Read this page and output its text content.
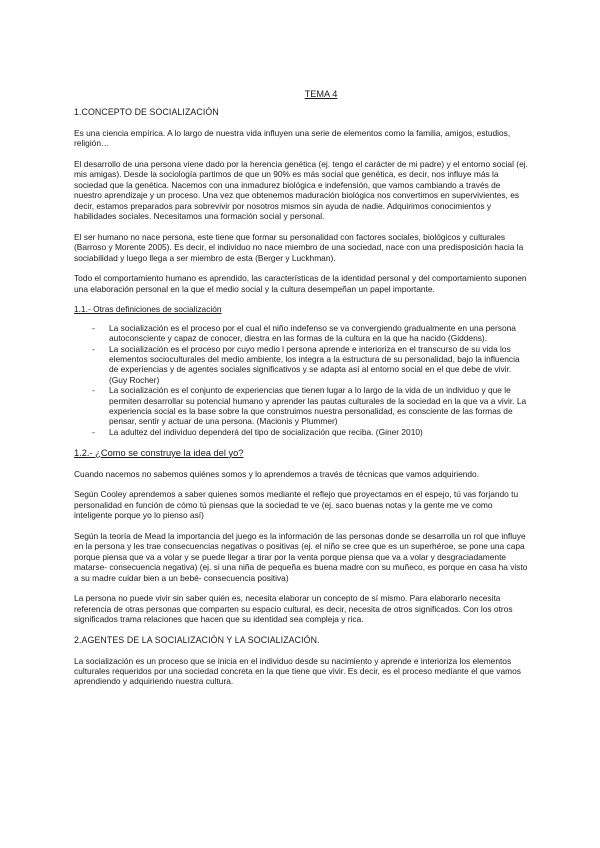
TEMA 4
1.CONCEPTO DE SOCIALIZACIÓN

Es una ciencia empírica. A lo largo de nuestra vida influyen una serie de elementos como la familia, amigos, estudios, religión…

El desarrollo de una persona viene dado por la herencia genética (ej. tengo el carácter de mi padre) y el entorno social (ej. mis amigas). Desde la sociología partimos de que un 90% es más social que genética, es decir, nos influye más la sociedad que la genética. Nacemos con una inmadurez biológica e indefensión, que vamos cambiando a través de nuestro aprendizaje y un proceso. Una vez que obtenemos maduración biológica nos convertimos en supervivientes, es decir, estamos preparados para sobrevivir por nosotros mismos sin ayuda de nadie. Adquirimos conocimientos y habilidades sociales. Necesitamos una formación social y personal.

El ser humano no nace persona, este tiene que formar su personalidad con factores sociales, biológicos y culturales (Barroso y Morente 2005). Es decir, el individuo no nace miembro de una sociedad, nace con una predisposición hacia la sociabilidad y luego llega a ser miembro de esta (Berger y Luckhman).

Todo el comportamiento humano es aprendido, las características de la identidad personal y del comportamiento suponen una elaboración personal en la que el medio social y la cultura desempeñan un papel importante.

1.1.- Otras definiciones de socialización
- La socialización es el proceso por el cual el niño indefenso se va convergiendo gradualmente en una persona autoconsciente y capaz de conocer, diestra en las formas de la cultura en la que ha nacido (Giddens).
- La socialización es el proceso por cuyo medio l persona aprende e interioriza en el transcurso de su vida los elementos socioculturales del medio ambiente, los integra a la estructura de su personalidad, bajo la influencia de experiencias y de agentes sociales significativos y se adapta así al entorno social en el que debe de vivir. (Guy Rocher)
- La socialización es el conjunto de experiencias que tienen lugar a lo largo de la vida de un individuo y que le permiten desarrollar su potencial humano y aprender las pautas culturales de la sociedad en la que va a vivir. La experiencia social es la base sobre la que construimos nuestra personalidad, es consciente de las formas de pensar, sentir y actuar de una persona. (Macionis y Plummer)
- La adultez del individuo dependerá del tipo de socialización que reciba. (Giner 2010)
1.2.- ¿Como se construye la idea del yo?

Cuando nacemos no sabemos quiénes somos y lo aprendemos a través de técnicas que vamos adquiriendo.

Según Cooley aprendemos a saber quienes somos mediante el reflejo que proyectamos en el espejo, tú vas forjando tu personalidad en función de cómo tú piensas que la sociedad te ve (ej. saco buenas notas y la gente me ve como inteligente porque yo lo pienso así)

Según la teoría de Mead la importancia del juego es la información de las personas donde se desarrolla un rol que influye en la persona y les trae consecuencias negativas o positivas (ej. el niño se cree que es un superhéroe, se pone una capa porque piensa que va a volar y se puede llegar a tirar por la venta porque piensa que va a volar y desgraciadamente matarse- consecuencia negativa) (ej. si una niña de pequeña es buena madre con su muñeco, es porque en casa ha visto a su madre cuidar bien a un bebé- consecuencia positiva)

La persona no puede vivir sin saber quién es, necesita elaborar un concepto de sí mismo. Para elaborarlo necesita referencia de otras personas que comparten su espacio cultural, es decir, necesita de otros significados. Con los otros significados trama relaciones que hacen que su identidad sea compleja y rica.

2.AGENTES DE LA SOCIALIZACIÓN Y LA SOCIALIZACIÓN.

La socialización es un proceso que se inicia en el individuo desde su nacimiento y aprende e interioriza los elementos culturales requeridos por una sociedad concreta en la que tiene que vivir. Es decir, es el proceso mediante el que vamos aprendiendo y adquiriendo nuestra cultura.
